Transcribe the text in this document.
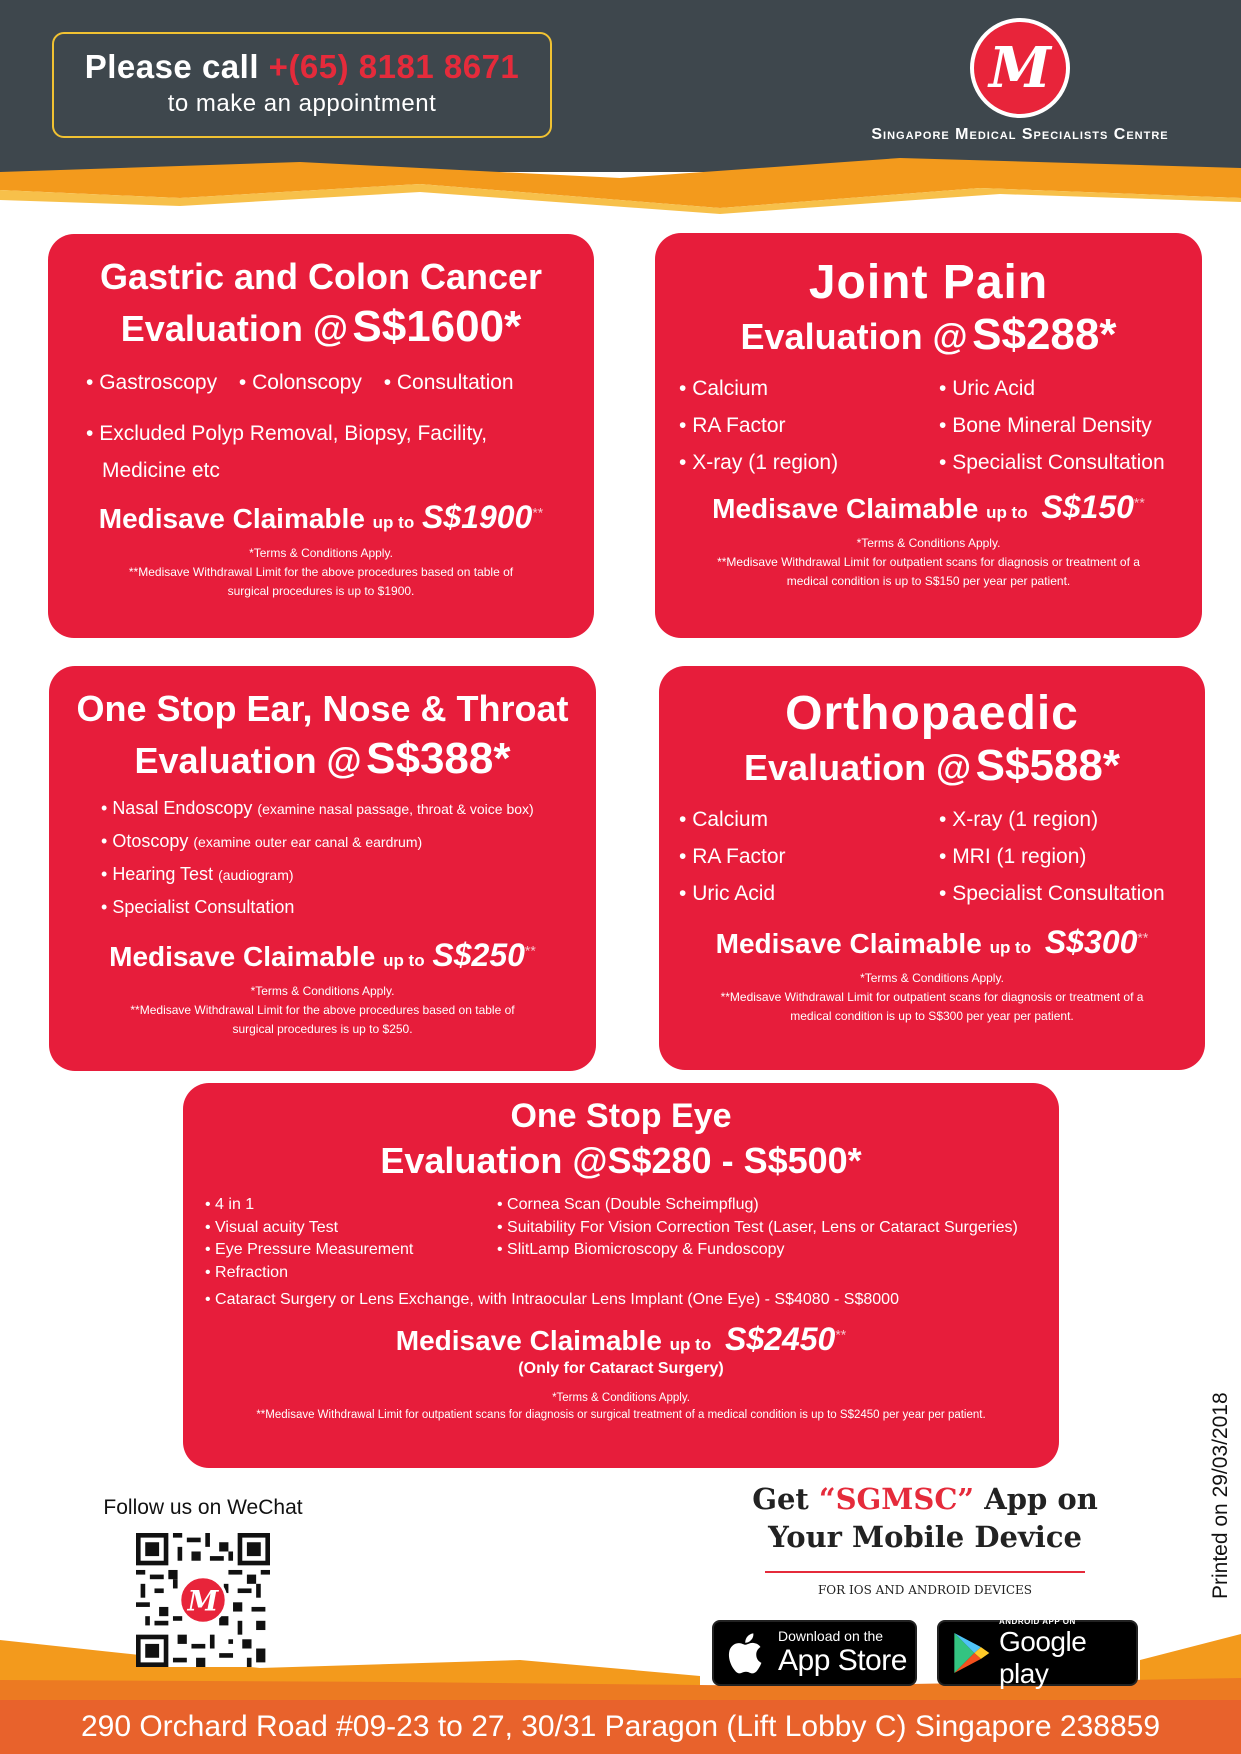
Please call +(65) 8181 8671
to make an appointment
M
Singapore Medical Specialists Centre
Gastric and Colon Cancer
Evaluation @ S$1600*
• Gastroscopy • Colonscopy • Consultation
• Excluded Polyp Removal, Biopsy, Facility,
Medicine etc
Medisave Claimable up to S$1900**
*Terms & Conditions Apply.
**Medisave Withdrawal Limit for the above procedures based on table of
surgical procedures is up to $1900.
Joint Pain
Evaluation @ S$288*
• Calcium
• RA Factor
• X-ray (1 region)
• Uric Acid
• Bone Mineral Density
• Specialist Consultation
Medisave Claimable up to S$150**
*Terms & Conditions Apply.
**Medisave Withdrawal Limit for outpatient scans for diagnosis or treatment of a
medical condition is up to S$150 per year per patient.
One Stop Ear, Nose & Throat
Evaluation @ S$388*
• Nasal Endoscopy (examine nasal passage, throat & voice box)
• Otoscopy (examine outer ear canal & eardrum)
• Hearing Test (audiogram)
• Specialist Consultation
Medisave Claimable up to S$250**
*Terms & Conditions Apply.
**Medisave Withdrawal Limit for the above procedures based on table of
surgical procedures is up to $250.
Orthopaedic
Evaluation @ S$588*
• Calcium
• RA Factor
• Uric Acid
• X-ray (1 region)
• MRI (1 region)
• Specialist Consultation
Medisave Claimable up to S$300**
*Terms & Conditions Apply.
**Medisave Withdrawal Limit for outpatient scans for diagnosis or treatment of a
medical condition is up to S$300 per year per patient.
One Stop Eye
Evaluation @S$280 - S$500*
• 4 in 1
• Visual acuity Test
• Eye Pressure Measurement
• Refraction
• Cornea Scan (Double Scheimpflug)
• Suitability For Vision Correction Test (Laser, Lens or Cataract Surgeries)
• SlitLamp Biomicroscopy & Fundoscopy
• Cataract Surgery or Lens Exchange, with Intraocular Lens Implant (One Eye) - S$4080 - S$8000
Medisave Claimable up to S$2450**
(Only for Cataract Surgery)
*Terms & Conditions Apply.
**Medisave Withdrawal Limit for outpatient scans for diagnosis or surgical treatment of a medical condition is up to S$2450 per year per patient.
Follow us on WeChat
M
Get “SGMSC” App on
Your Mobile Device
FOR IOS AND ANDROID DEVICES
Download on the
App Store
ANDROID APP ON
Google play
Printed on 29/03/2018
290 Orchard Road #09-23 to 27, 30/31 Paragon (Lift Lobby C) Singapore 238859
